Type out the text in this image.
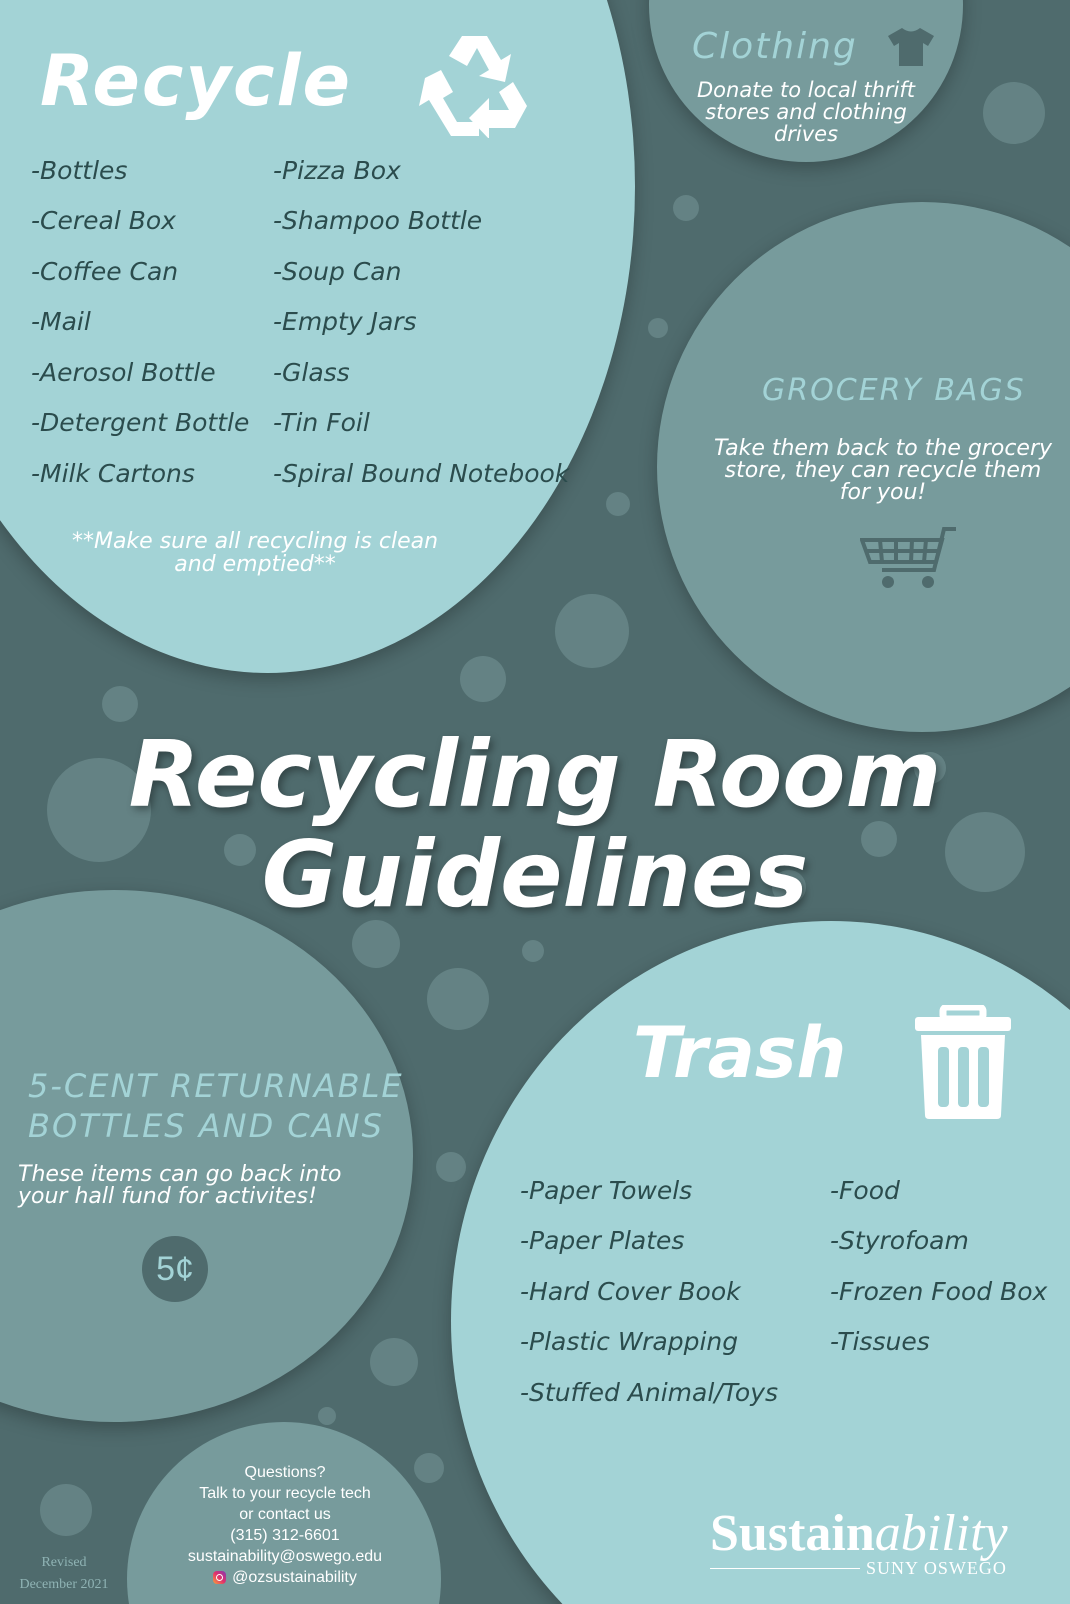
Recycle
-Bottles
-Cereal Box
-Coffee Can
-Mail
-Aerosol Bottle
-Detergent Bottle
-Milk Cartons
-Pizza Box
-Shampoo Bottle
-Soup Can
-Empty Jars
-Glass
-Tin Foil
-Spiral Bound Notebook
**Make sure all recycling is clean
and emptied**
Clothing
Donate to local thrift
stores and clothing
drives
GROCERY BAGS
Take them back to the grocery
store, they can recycle them
for you!
Recycling Room
Guidelines
5-CENT RETURNABLE
BOTTLES AND CANS
These items can go back into
your hall fund for activites!
5¢
Trash
-Paper Towels
-Paper Plates
-Hard Cover Book
-Plastic Wrapping
-Stuffed Animal/Toys
-Food
-Styrofoam
-Frozen Food Box
-Tissues
Questions?
Talk to your recycle tech
or contact us
(315) 312-6601
sustainability@oswego.edu
@ozsustainability
Revised
December 2021
Sustainability
SUNY OSWEGO
